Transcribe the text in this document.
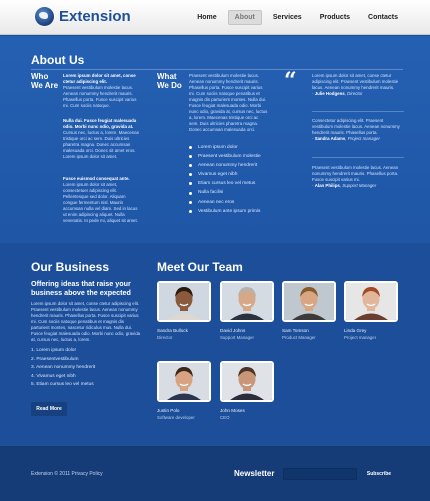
Extension	Home	About	Services	Products	Contacts
About Us
Who
We Are
Lorem ipsum dolor sit amet, conse ctetur adipiscing elit.
Praesent vestibulum molestie lacus. Aenean nonummy hendrerit mauris. Phasellus porta. Fusce suscipit varius mi. Cum sociis natoque.
Nulla dui. Fusce feugiat malesuada odio. Morbi nunc odio, gravida at.
Cursus nec, luctus a, lorem. Maecenas tristique orci ac sem. Duis ultricies pharetra magna. Donec accumsan malesuada orci. Donec sit amet eros. Lorem ipsum dolor sit amet.
Fusce euismod consequat ante.
Lorem ipsum dolor sit amet, consectetuer adipiscing elit. Pellentesque sed dolor. Aliquam congue fermentum nisl. Mauris accumsan nulla vel diam. Sed in lacus ut enim adipiscing aliquet. Nulla venenatis. In pede mi, aliquet sit amet.
What
We Do
Praesent vestibulum molestie lacus. Aenean nonummy hendrerit mauris. Phasellus porta. Fusce suscipit varius mi. Cum sociis natoque penatibus et magnis dis parturient montes. Nulla dui. Fusce feugiat malesuada odio. Morbi nunc odio, gravida at, cursus nec, luctus a, lorem. Maecenas tristique orci ac sem. Duis ultricies pharetra magna. Donec accumsan malesuada orci.
Lorem ipsum dolor
Praesent vestibulum molestie
Aenean nonummy hendrerit
Vivamus eget nibh
Etiam cursus leo vel metus
Nulla facilisi
Aenean nec eros
Vestibulum ante ipsum primis
“	Lorem ipsum dolor sit amet, conse ctetur adipiscing elit. Praesent vestibulum molestie lacus. Aenean nonummy hendrerit mauris.
- Julie Hodgens, Director
Consectetur adipiscing elit. Praesent vestibulum molestie lacus. Aenean nonummy hendrerit mauris. Phasellus porta.
- Sandra Adams, Project manager
Praesent vestibulum molestie lacus. Aenean nonummy hendrerit mauris. Phasellus porta. Fusce suscipit varius mi.
- Alan Philips, Support Manager
Our Business
Offering ideas that raise your business above the expected
Lorem ipsum dolor sit amet, conse ctetur adipiscing elit. Praesent vestibulum molestie lacus. Aenean nonummy hendrerit mauris. Phasellus porta. Fusce suscipit varius mi. Cum sociis natoque penatibus et magnis dis parturient montes, nascetur ridiculus mus. Nulla dui. Fusce feugiat malesuada odio. Morbi nunc odio, gravida at, cursus nec, luctus a, lorem.
1. Lorem ipsum dolor
2. Praesentvestibulum
3. Aenean nonummy hendrerit
4. Vivamus eget nibh
5. Etiam cursus leo vel metus
Read More
Meet Our Team
Sandra Bullock
Director
David Johns
Support Manager
Sam Tomson
Product Manager
Linda Grey
Project manager
Justin Polo
Software developer
John Moses
CEO
Extension © 2011 Privacy Policy	Newsletter	Subscribe
